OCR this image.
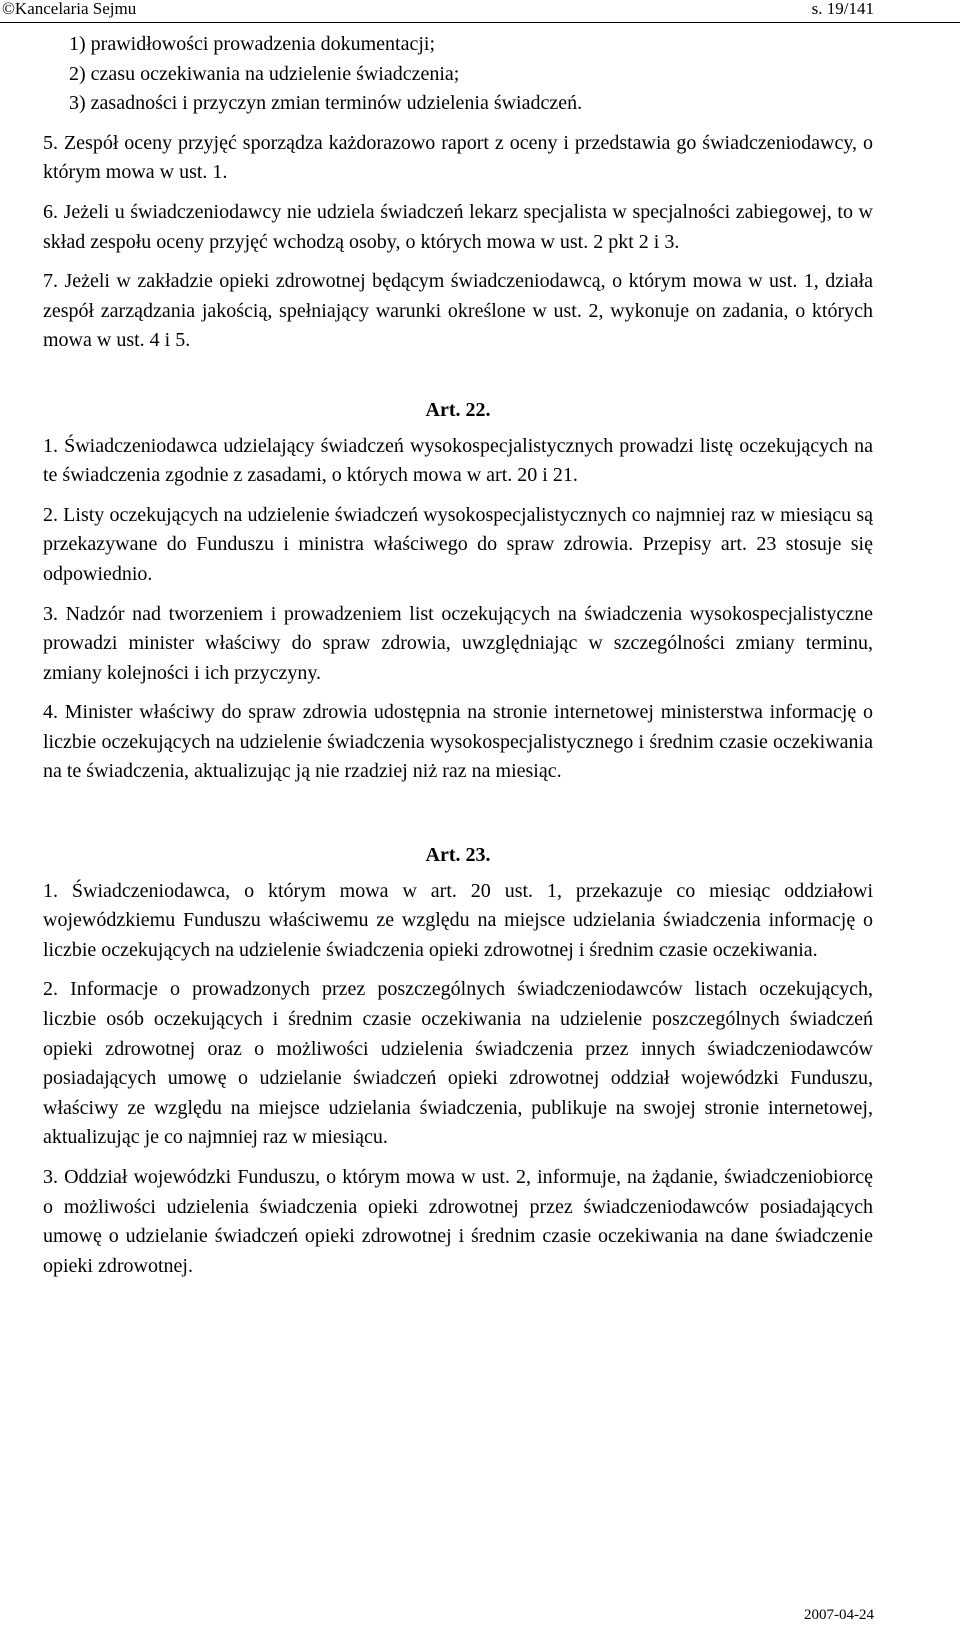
©Kancelaria Sejmu	s. 19/141

1) prawidłowości prowadzenia dokumentacji;

2) czasu oczekiwania na udzielenie świadczenia;

3) zasadności i przyczyn zmian terminów udzielenia świadczeń.

5. Zespół oceny przyjęć sporządza każdorazowo raport z oceny i przedstawia go świadczeniodawcy, o którym mowa w ust. 1.

6. Jeżeli u świadczeniodawcy nie udziela świadczeń lekarz specjalista w specjalności zabiegowej, to w skład zespołu oceny przyjęć wchodzą osoby, o których mowa w ust. 2 pkt 2 i 3.

7. Jeżeli w zakładzie opieki zdrowotnej będącym świadczeniodawcą, o którym mowa w ust. 1, działa zespół zarządzania jakością, spełniający warunki określone w ust. 2, wykonuje on zadania, o których mowa w ust. 4 i 5.

Art. 22.

1. Świadczeniodawca udzielający świadczeń wysokospecjalistycznych prowadzi listę oczekujących na te świadczenia zgodnie z zasadami, o których mowa w art. 20 i 21.

2. Listy oczekujących na udzielenie świadczeń wysokospecjalistycznych co najmniej raz w miesiącu są przekazywane do Funduszu i ministra właściwego do spraw zdrowia. Przepisy art. 23 stosuje się odpowiednio.

3. Nadzór nad tworzeniem i prowadzeniem list oczekujących na świadczenia wysokospecjalistyczne prowadzi minister właściwy do spraw zdrowia, uwzględniając w szczególności zmiany terminu, zmiany kolejności i ich przyczyny.

4. Minister właściwy do spraw zdrowia udostępnia na stronie internetowej ministerstwa informację o liczbie oczekujących na udzielenie świadczenia wysokospecjalistycznego i średnim czasie oczekiwania na te świadczenia, aktualizując ją nie rzadziej niż raz na miesiąc.

Art. 23.

1. Świadczeniodawca, o którym mowa w art. 20 ust. 1, przekazuje co miesiąc oddziałowi wojewódzkiemu Funduszu właściwemu ze względu na miejsce udzielania świadczenia informację o liczbie oczekujących na udzielenie świadczenia opieki zdrowotnej i średnim czasie oczekiwania.

2. Informacje o prowadzonych przez poszczególnych świadczeniodawców listach oczekujących, liczbie osób oczekujących i średnim czasie oczekiwania na udzielenie poszczególnych świadczeń opieki zdrowotnej oraz o możliwości udzielenia świadczenia przez innych świadczeniodawców posiadających umowę o udzielanie świadczeń opieki zdrowotnej oddział wojewódzki Funduszu, właściwy ze względu na miejsce udzielania świadczenia, publikuje na swojej stronie internetowej, aktualizując je co najmniej raz w miesiącu.

3. Oddział wojewódzki Funduszu, o którym mowa w ust. 2, informuje, na żądanie, świadczeniobiorcę o możliwości udzielenia świadczenia opieki zdrowotnej przez świadczeniodawców posiadających umowę o udzielanie świadczeń opieki zdrowotnej i średnim czasie oczekiwania na dane świadczenie opieki zdrowotnej.

2007-04-24
